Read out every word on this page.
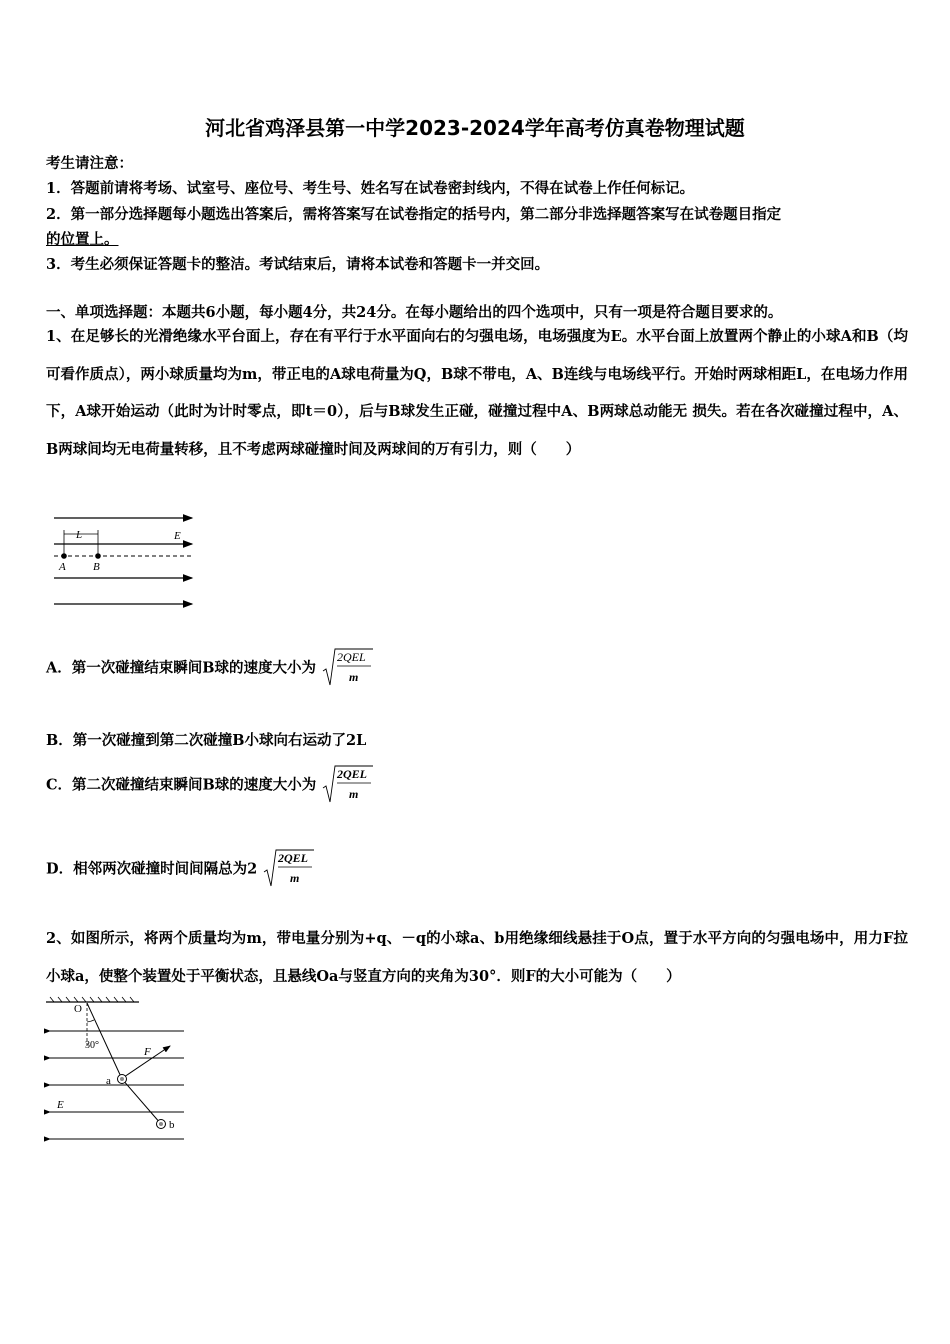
河北省鸡泽县第一中学2023-2024学年高考仿真卷物理试题
考生请注意：
1．答题前请将考场、试室号、座位号、考生号、姓名写在试卷密封线内，不得在试卷上作任何标记。
2．第一部分选择题每小题选出答案后，需将答案写在试卷指定的括号内，第二部分非选择题答案写在试卷题目指定
的位置上。
3．考生必须保证答题卡的整洁。考试结束后，请将本试卷和答题卡一并交回。
一、单项选择题：本题共6小题，每小题4分，共24分。在每小题给出的四个选项中，只有一项是符合题目要求的。
1、在足够长的光滑绝缘水平台面上，存在有平行于水平面向右的匀强电场，电场强度为E。水平台面上放置两个静止的小球A和B（均可看作质点），两小球质量均为m，带正电的A球电荷量为Q，B球不带电，A、B连线与电场线平行。开始时两球相距L，在电场力作用下，A球开始运动（此时为计时零点，即t＝0），后与B球发生正碰，碰撞过程中A、B两球总动能无 损失。若在各次碰撞过程中，A、B两球间均无电荷量转移，且不考虑两球碰撞时间及两球间的万有引力，则（　　）
L	E
A B
A．第一次碰撞结束瞬间B球的速度大小为
2QEL
m
B．第一次碰撞到第二次碰撞B小球向右运动了2L
C．第二次碰撞结束瞬间B球的速度大小为
2QEL
m
D．相邻两次碰撞时间间隔总为2
2QEL
m
2、如图所示，将两个质量均为m，带电量分别为+q、－q的小球a、b用绝缘细线悬挂于O点，置于水平方向的匀强电场中，用力F拉小球a，使整个装置处于平衡状态，且悬线Oa与竖直方向的夹角为30°．则F的大小可能为（　　）
O
30°
E
F
a
b
